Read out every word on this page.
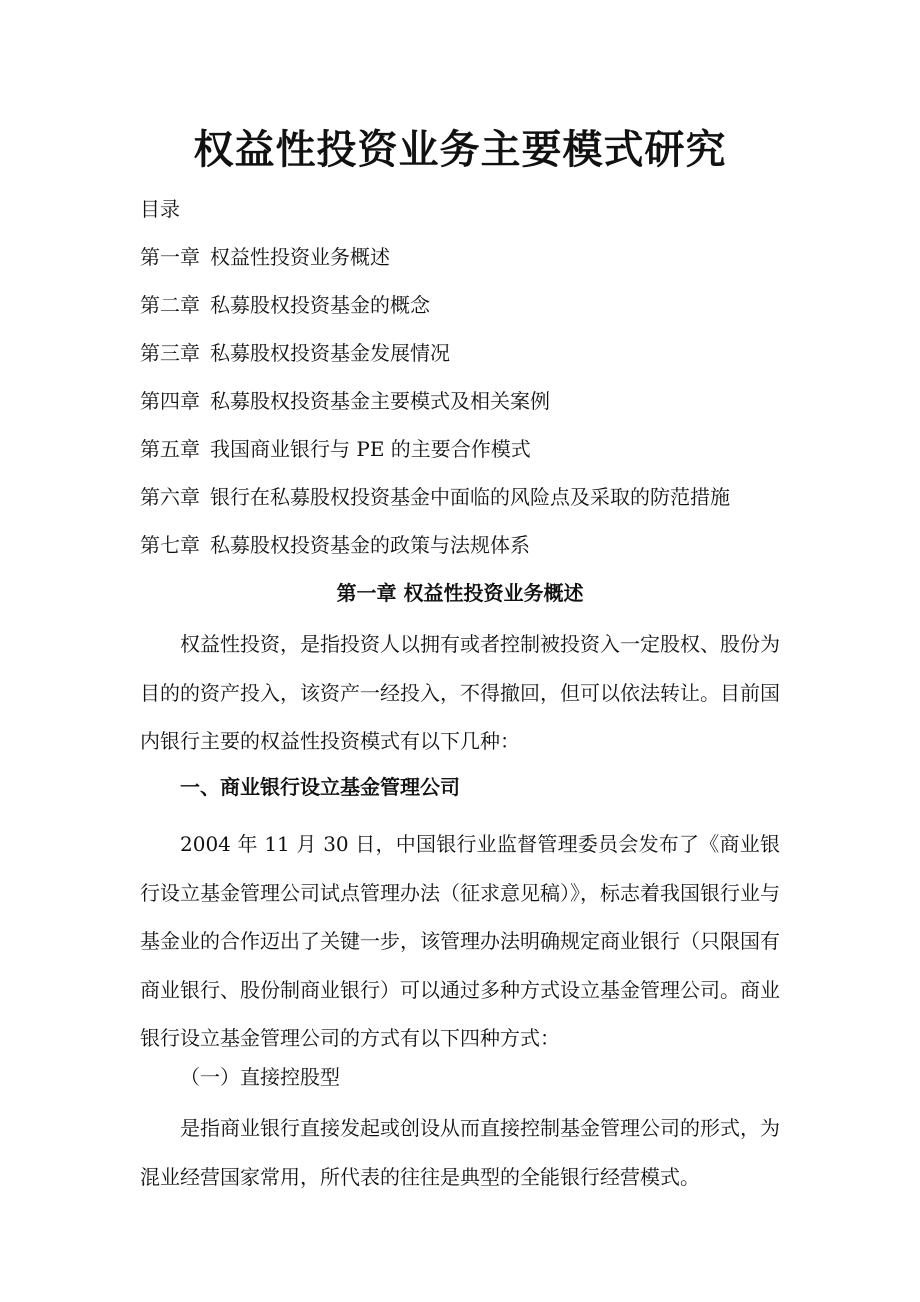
权益性投资业务主要模式研究
目录
第一章 权益性投资业务概述
第二章 私募股权投资基金的概念
第三章 私募股权投资基金发展情况
第四章 私募股权投资基金主要模式及相关案例
第五章 我国商业银行与 PE 的主要合作模式
第六章 银行在私募股权投资基金中面临的风险点及采取的防范措施
第七章 私募股权投资基金的政策与法规体系
第一章 权益性投资业务概述

权益性投资，是指投资人以拥有或者控制被投资入一定股权、股份为目的的资产投入，该资产一经投入，不得撤回，但可以依法转让。目前国内银行主要的权益性投资模式有以下几种：

一、商业银行设立基金管理公司

2004 年 11 月 30 日，中国银行业监督管理委员会发布了《商业银行设立基金管理公司试点管理办法（征求意见稿）》，标志着我国银行业与基金业的合作迈出了关键一步，该管理办法明确规定商业银行（只限国有商业银行、股份制商业银行）可以通过多种方式设立基金管理公司。商业银行设立基金管理公司的方式有以下四种方式：

（一）直接控股型

是指商业银行直接发起或创设从而直接控制基金管理公司的形式，为混业经营国家常用，所代表的往往是典型的全能银行经营模式。
